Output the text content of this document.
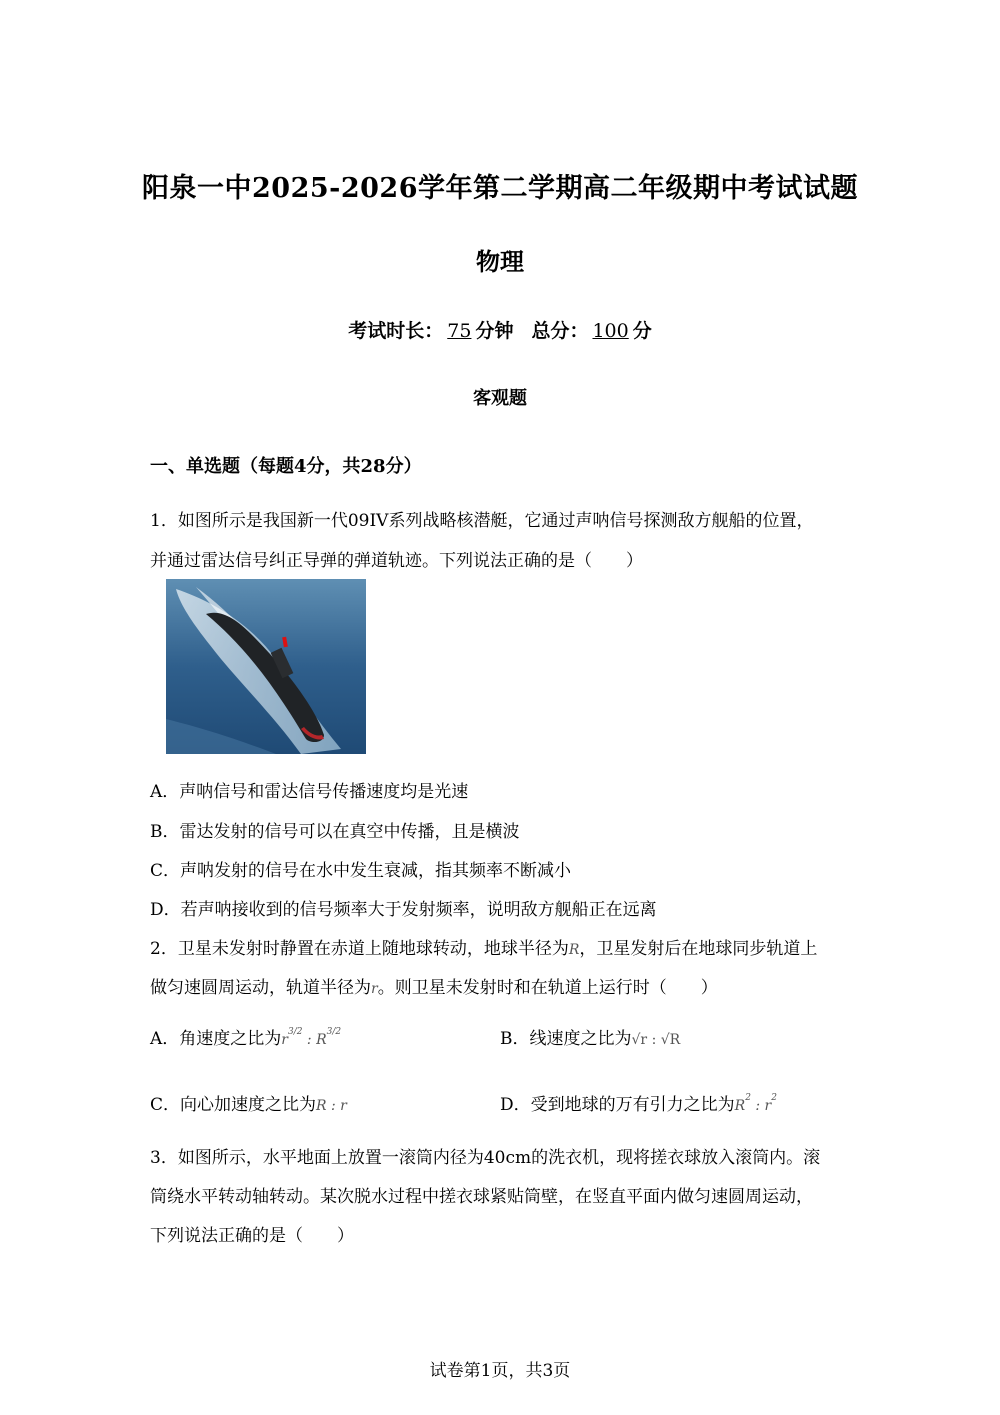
阳泉一中2025-2026学年第二学期高二年级期中考试试题
物理
考试时长： 75 分钟 总分： 100 分
客观题
一、单选题（每题4分，共28分）
1．如图所示是我国新一代09IV系列战略核潜艇，它通过声呐信号探测敌方舰船的位置，
并通过雷达信号纠正导弹的弹道轨迹。下列说法正确的是（　　）
A．声呐信号和雷达信号传播速度均是光速
B．雷达发射的信号可以在真空中传播，且是横波
C．声呐发射的信号在水中发生衰减，指其频率不断减小
D．若声呐接收到的信号频率大于发射频率，说明敌方舰船正在远离
2．卫星未发射时静置在赤道上随地球转动，地球半径为R，卫星发射后在地球同步轨道上
做匀速圆周运动，轨道半径为r。则卫星未发射时和在轨道上运行时（　　）
A．角速度之比为$r^{3/2}$ : $R^{3/2}$	B．线速度之比为√r : √R
C．向心加速度之比为R : r	D．受到地球的万有引力之比为$R^2$ : $r^2$
3．如图所示，水平地面上放置一滚筒内径为40cm的洗衣机，现将搓衣球放入滚筒内。滚
筒绕水平转动轴转动。某次脱水过程中搓衣球紧贴筒壁，在竖直平面内做匀速圆周运动，
下列说法正确的是（　　）
试卷第1页，共3页
